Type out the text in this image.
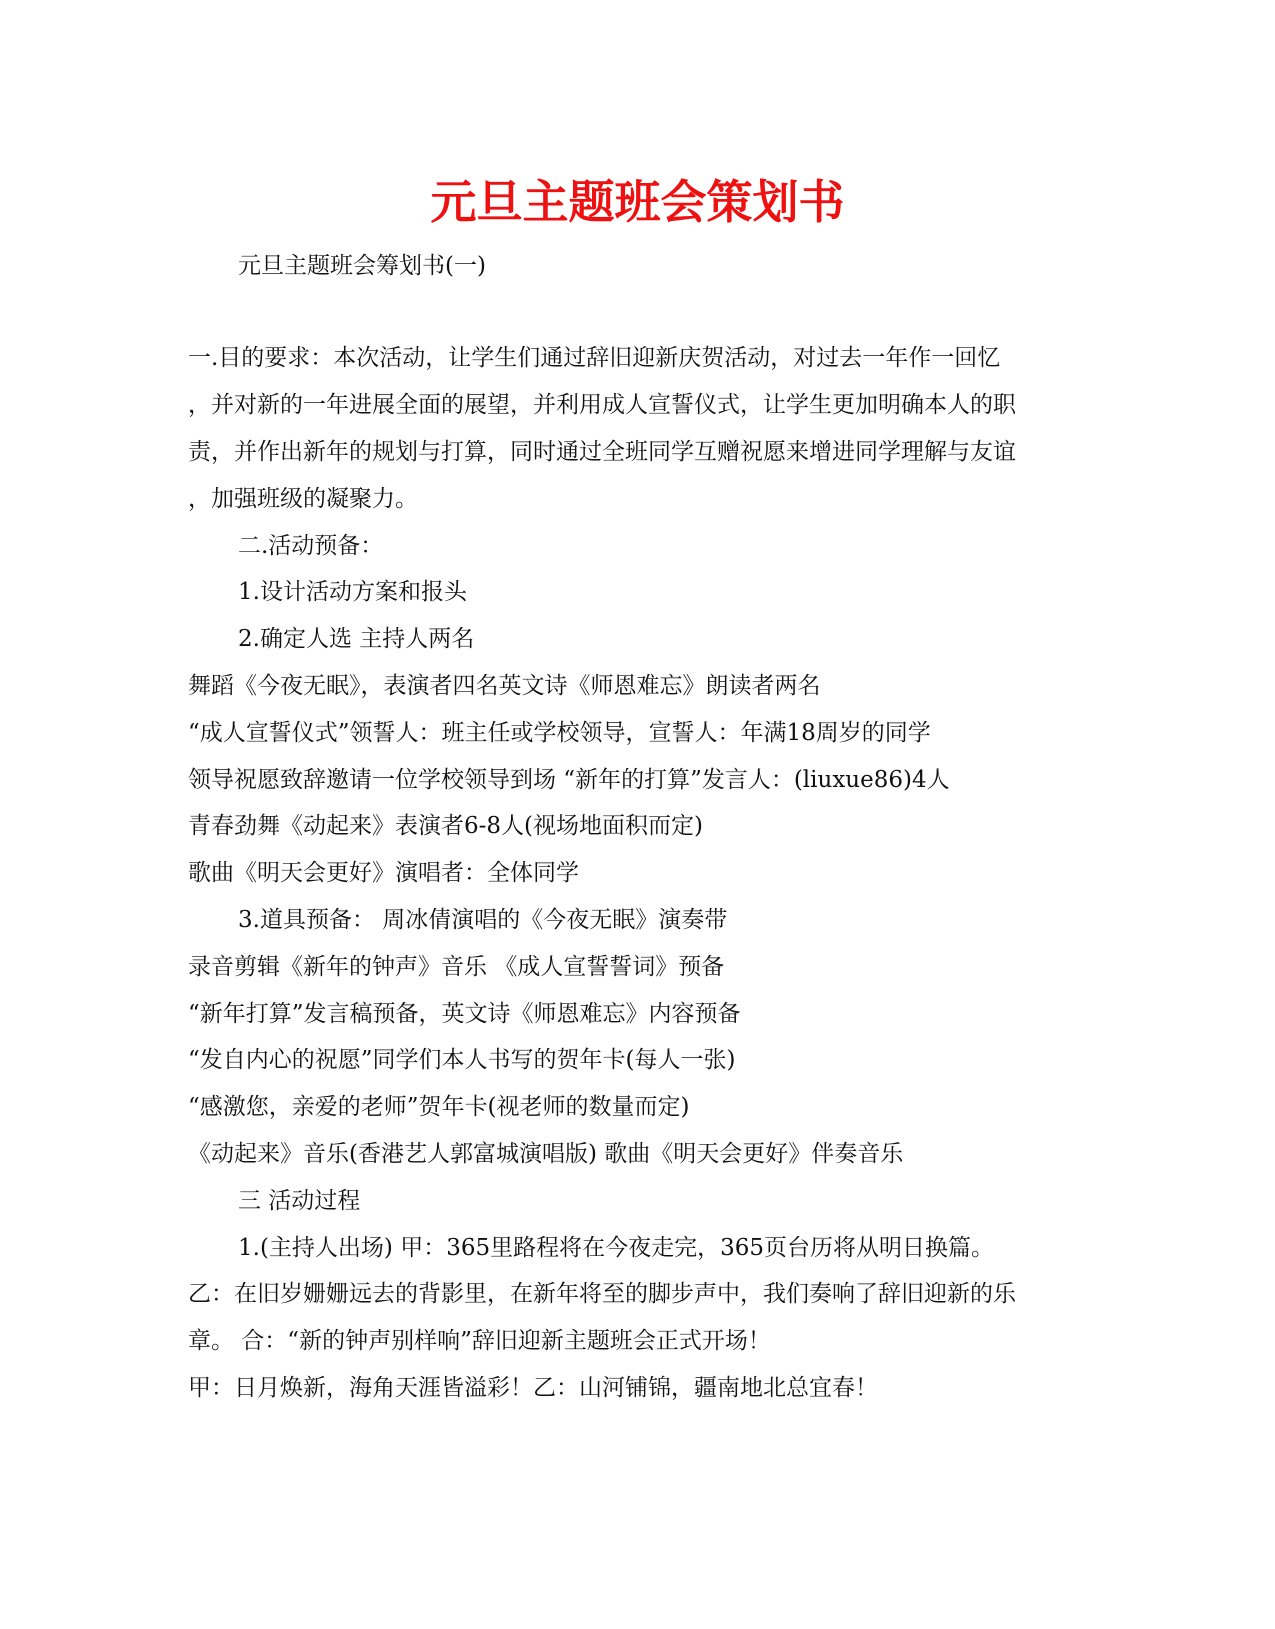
元旦主题班会策划书
元旦主题班会筹划书(一)
一.目的要求：本次活动，让学生们通过辞旧迎新庆贺活动，对过去一年作一回忆
，并对新的一年进展全面的展望，并利用成人宣誓仪式，让学生更加明确本人的职
责，并作出新年的规划与打算，同时通过全班同学互赠祝愿来增进同学理解与友谊
，加强班级的凝聚力。
二.活动预备：
1.设计活动方案和报头
2.确定人选 主持人两名
舞蹈《今夜无眠》，表演者四名英文诗《师恩难忘》朗读者两名
“成人宣誓仪式”领誓人：班主任或学校领导，宣誓人：年满18周岁的同学
领导祝愿致辞邀请一位学校领导到场 “新年的打算”发言人：(liuxue86)4人
青春劲舞《动起来》表演者6-8人(视场地面积而定)
歌曲《明天会更好》演唱者：全体同学
3.道具预备： 周冰倩演唱的《今夜无眠》演奏带
录音剪辑《新年的钟声》音乐 《成人宣誓誓词》预备
“新年打算”发言稿预备，英文诗《师恩难忘》内容预备
“发自内心的祝愿”同学们本人书写的贺年卡(每人一张)
“感激您，亲爱的老师”贺年卡(视老师的数量而定)
《动起来》音乐(香港艺人郭富城演唱版) 歌曲《明天会更好》伴奏音乐
三 活动过程
1.(主持人出场) 甲：365里路程将在今夜走完，365页台历将从明日换篇。
乙：在旧岁姗姗远去的背影里，在新年将至的脚步声中，我们奏响了辞旧迎新的乐
章。 合：“新的钟声别样响”辞旧迎新主题班会正式开场！
甲：日月焕新，海角天涯皆溢彩！乙：山河铺锦，疆南地北总宜春！
